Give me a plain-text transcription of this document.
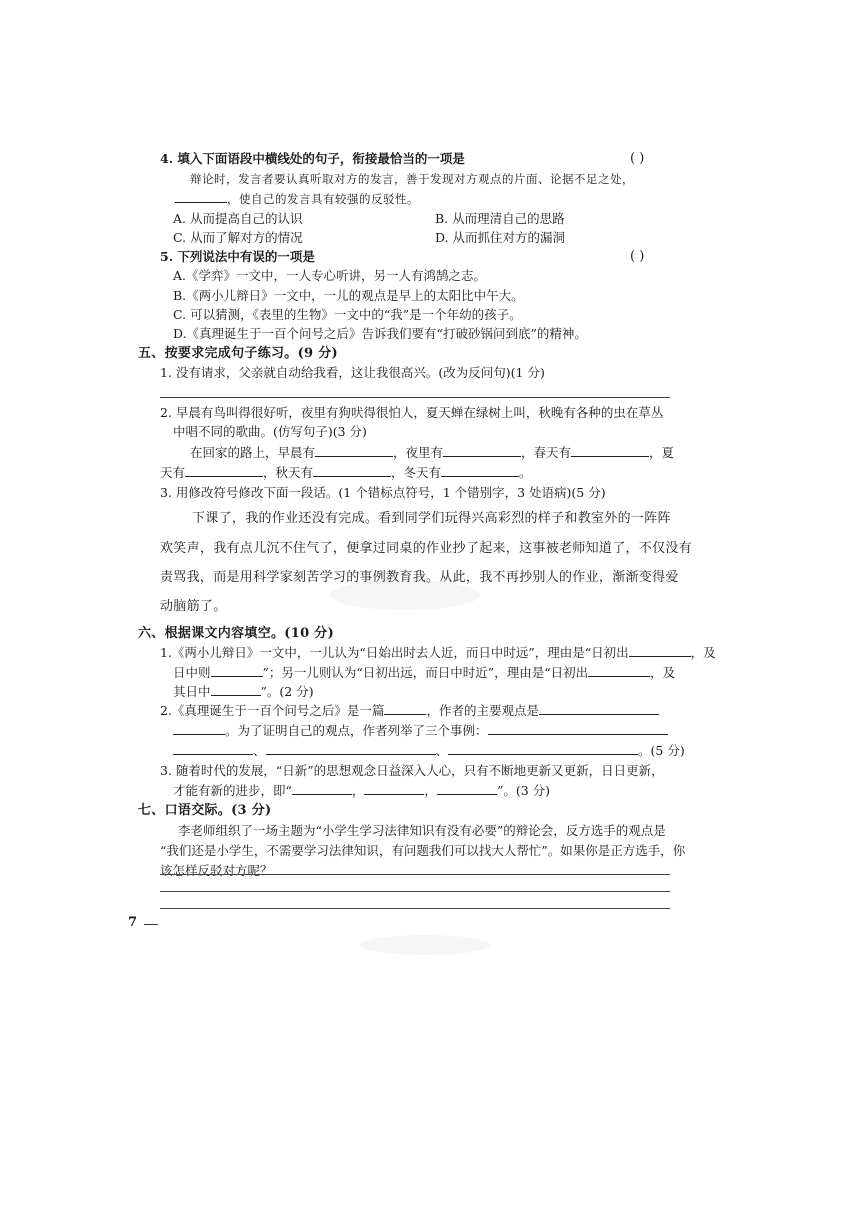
4. 填入下面语段中横线处的句子，衔接最恰当的一项是	( )
辩论时，发言者要认真听取对方的发言，善于发现对方观点的片面、论据不足之处，
，使自己的发言具有较强的反驳性。
A. 从而提高自己的认识	B. 从而理清自己的思路
C. 从而了解对方的情况	D. 从而抓住对方的漏洞
5. 下列说法中有误的一项是	( )
A.《学弈》一文中，一人专心听讲，另一人有鸿鹄之志。
B.《两小儿辩日》一文中，一儿的观点是早上的太阳比中午大。
C. 可以猜测，《表里的生物》一文中的“我”是一个年幼的孩子。
D.《真理诞生于一百个问号之后》告诉我们要有“打破砂锅问到底”的精神。
五、按要求完成句子练习。(9 分)
1. 没有请求，父亲就自动给我看，这让我很高兴。(改为反问句)(1 分)
2. 早晨有鸟叫得很好听，夜里有狗吠得很怕人，夏天蝉在绿树上叫，秋晚有各种的虫在草丛
中唱不同的歌曲。(仿写句子)(3 分)
在回家的路上，早晨有	，夜里有	，春天有	，夏
天有	，秋天有	，冬天有	。
3. 用修改符号修改下面一段话。(1 个错标点符号，1 个错别字，3 处语病)(5 分)
下课了，我的作业还没有完成。看到同学们玩得兴高彩烈的样子和教室外的一阵阵
欢笑声，我有点儿沉不住气了，便拿过同桌的作业抄了起来，这事被老师知道了，不仅没有
责骂我，而是用科学家刻苦学习的事例教育我。从此，我不再抄别人的作业，渐渐变得爱
动脑筋了。
六、根据课文内容填空。(10 分)
1.《两小儿辩日》一文中，一儿认为“日始出时去人近，而日中时远”，理由是“日初出	，及
日中则	”；另一儿则认为“日初出远，而日中时近”，理由是“日初出	，及
其日中	”。(2 分)
2.《真理诞生于一百个问号之后》是一篇	，作者的主要观点是
。为了证明自己的观点，作者列举了三个事例：
、	、	。(5 分)
3. 随着时代的发展，“日新”的思想观念日益深入人心，只有不断地更新又更新，日日更新，
才能有新的进步，即“	，	，	”。(3 分)
七、口语交际。(3 分)
李老师组织了一场主题为“小学生学习法律知识有没有必要”的辩论会，反方选手的观点是
“我们还是小学生，不需要学习法律知识，有问题我们可以找大人帮忙”。如果你是正方选手，你
该怎样反驳对方呢？
7
